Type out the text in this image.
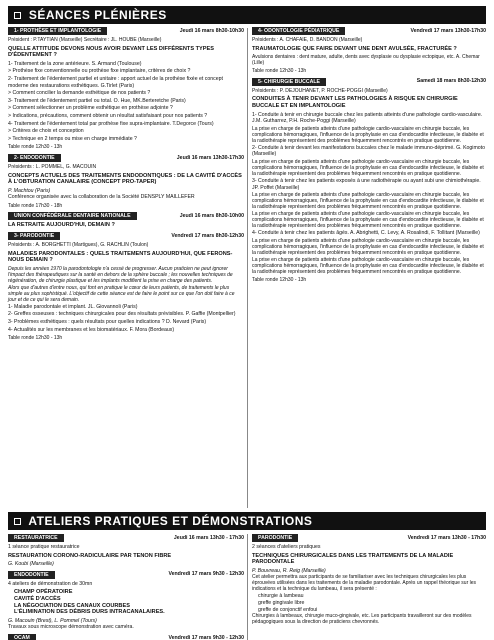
SÉANCES PLÉNIÈRES
1- PROTHÈSE ET IMPLANTOLOGIE	Jeudi 16 mars 8h30-10h30
Président : P.TAYTIAN (Marseille) Secrétaire : JL. HOUBE (Marseille)
QUELLE ATTITUDE DEVONS NOUS AVOIR DEVANT LES DIFFÉRENTS TYPES D'ÉDENTEMENT ?
1- Traitement de la zone antérieure. S. Armand (Toulouse)
> Prothèse fixe conventionnelle ou prothèse fixe implantaire, critères de choix ?
2- Traitement de l'édentement partiel et unitaire : apport actuel de la prothèse fixée et concept moderne des restaurations esthétiques. G.Tirlet (Paris)
> Comment concilier la demande esthétique de nos patients ?
3- Traitement de l'édentement partiel ou total. O. Hue, MK.Berteretche (Paris)
> Comment sélectionner un problème esthétique en prothèse adjointe ?
> Indications, précautions, comment obtenir un résultat satisfaisant pour nos patients ?
4- Traitement de l'édentement total par prothèse fixe supra-implantaire. T.Degorce (Tours)
> Critères de choix et conception
> Technique en 2 temps ou mise en charge immédiate ?
Table ronde 12h30 - 13h
2- ENDODONTIE	Jeudi 16 mars 13h30-17h30
Présidents : L. POMMEL, G. MACOUIN
CONCEPTS ACTUELS DES TRAITEMENTS ENDODONTIQUES : DE LA CAVITÉ D'ACCÈS À L'OBTURATION CANALAIRE (CONCEPT PRO-TAPER)
P. Machtou (Paris)
Conférence organisée avec la collaboration de la Société DENSPLY MAILLEFER
Table ronde 17h30 - 18h
UNION CONFÉDÉRALE DENTAIRE NATIONALE	Jeudi 16 mars 8h30-10h00
LA RETRAITE AUJOURD'HUI, DEMAIN ?
3- PARODONTIE	Vendredi 17 mars 8h30-12h30
Présidents : A. BORGHETTI (Martigues), G. RACHLIN (Toulon)
MALADIES PARODONTALES : QUELS TRAITEMENTS AUJOURD'HUI, QUE FERONS-NOUS DEMAIN ?
Depuis les années 1970 la parodontologie n'a cessé de progresser. Aucun praticien ne peut ignorer l'impact des thérapeutiques sur la santé en dehors de la sphère buccale ; les nouvelles techniques de régénération, de chirurgie plastique et les implants modifient la prise en charge des patients.
Alors que d'autres d'entre nous, qui font en pratique le cœur de leurs patients, de traitements le plus simple au plus sophistiqué. L'objectif de cette séance est de faire le point sur ce que l'on doit faire à ce jour et de ce qui le sera demain.
1- Maladie parodontale et implant. JL. Giovannoli (Paris)
2- Greffes osseuses : techniques chirurgicales pour des résultats prévisibles. P. Gaffie (Montpellier)
3- Problèmes esthétiques : quels résultats pour quelles indications ? D. Nevard (Paris)
4- Actualités sur les membranes et les biomatériaux. F. Mora (Bordeaux)
Table ronde 12h30 - 13h
4- ODONTOLOGIE PÉDIATRIQUE	Vendredi 17 mars 13h30-17h30
Présidents : A. CHAFAIE, D. BANDON (Marseille)
TRAUMATOLOGIE QUE FAIRE DEVANT UNE DENT AVULSÉE, FRACTURÉE ?
Avulsions dentaires : dent mature, adulte, dents avec dysplasie ou dysplasie ectopique, etc. A. Chemar (Lille)
Table ronde 12h30 - 13h
5- CHIRURGIE BUCCALE	Samedi 18 mars 8h30-12h30
Présidents : P. DEJOUHANET, P. ROCHE-POGGI (Marseille)
CONDUITES À TENIR DEVANT LES PATHOLOGIES À RISQUE EN CHIRURGIE BUCCALE ET EN IMPLANTOLOGIE
1- Conduite à tenir en chirurgie buccale chez les patients atteints d'une pathologie cardio-vasculaire. J.M. Gutharrez, P.H. Roche-Poggi (Marseille)
La prise en charge de patients atteints d'une pathologie cardio-vasculaire en chirurgie buccale, les complications hémorragiques, l'influence de la prophylaxie en cas d'endocardite infectieuse, le diabète et la radiothérapie représentent des problèmes fréquemment rencontrés en pratique quotidienne.
2- Conduite à tenir devant les manifestations buccales chez le malade immuno-déprimé. G. Kogimoto (Marseille)
La prise en charge de patients atteints d'une pathologie cardio-vasculaire en chirurgie buccale, les complications hémorragiques, l'influence de la prophylaxie en cas d'endocardite infectieuse, le diabète et la radiothérapie représentent des problèmes fréquemment rencontrés en pratique quotidienne.
3- Conduite à tenir chez les patients exposés à une radiothérapie ou ayant subi une chimiothérapie. JP. Poffet (Marseille)
La prise en charge de patients atteints d'une pathologie cardio-vasculaire en chirurgie buccale, les complications hémorragiques, l'influence de la prophylaxie en cas d'endocardite infectieuse, le diabète et la radiothérapie représentent des problèmes fréquemment rencontrés en pratique quotidienne.
La prise en charge de patients atteints d'une pathologie cardio-vasculaire en chirurgie buccale, les complications hémorragiques, l'influence de la prophylaxie en cas d'endocardite infectieuse, le diabète et la radiothérapie représentent des problèmes fréquemment rencontrés en pratique quotidienne.
4- Conduite à tenir chez les patients âgés. A. Abrighetti, C. Levy, A. Rosalindi, F. Tollitant (Marseille)
La prise en charge de patients atteints d'une pathologie cardio-vasculaire en chirurgie buccale, les complications hémorragiques, l'influence de la prophylaxie en cas d'endocardite infectieuse, le diabète et la radiothérapie représentent des problèmes fréquemment rencontrés en pratique quotidienne.
La prise en charge de patients atteints d'une pathologie cardio-vasculaire en chirurgie buccale, les complications hémorragiques, l'influence de la prophylaxie en cas d'endocardite infectieuse, le diabète et la radiothérapie représentent des problèmes fréquemment rencontrés en pratique quotidienne.
Table ronde 12h30 - 13h
ATELIERS PRATIQUES ET DÉMONSTRATIONS
RESTAURATRICE	Jeudi 16 mars 13h30 - 17h30
1 séance pratique restauratrice
RESTAURATION CORONO-RADICULAIRE PAR TENON FIBRE
G. Koubi (Marseille)
ENDODONTIE	Vendredi 17 mars 9h30 - 12h30
4 ateliers de démonstration de 30mn
CHAMP OPÉRATOIRE
CAVITÉ D'ACCÈS
LA NÉGOCIATION DES CANAUX COURBES
L'ÉLIMINATION DES DÉBRIS DURS INTRACANALAIRES.
G. Macouin (Brest), L. Pommel (Tours)
Travaux sous microscope démonstration avec caméra.
OCAM	Vendredi 17 mars 9h30 - 12h30
PARODONTIE	Vendredi 17 mars 13h30 - 17h30
2 séances d'ateliers pratiques
TECHNIQUES CHIRURGICALES DANS LES TRAITEMENTS DE LA MALADIE PARODONTALE
P. Bouvreau, R. Reig (Marseille)
Cet atelier permettra aux participants de se familiariser avec les techniques chirurgicales les plus éprouvées utilisées dans les traitements de la maladie parodontale. Après un rappel théorique sur les indications et la technique du lambeau, il sera présenté :
chirurgie à lambeau
greffe gingivale libre
greffe de conjonctif enfoui
Chirurgies à lambeaux, chirurgie muco-gingivale, etc. Les participants travailleront sur des modèles pédagogiques sous la direction de praticiens chevronnés.
